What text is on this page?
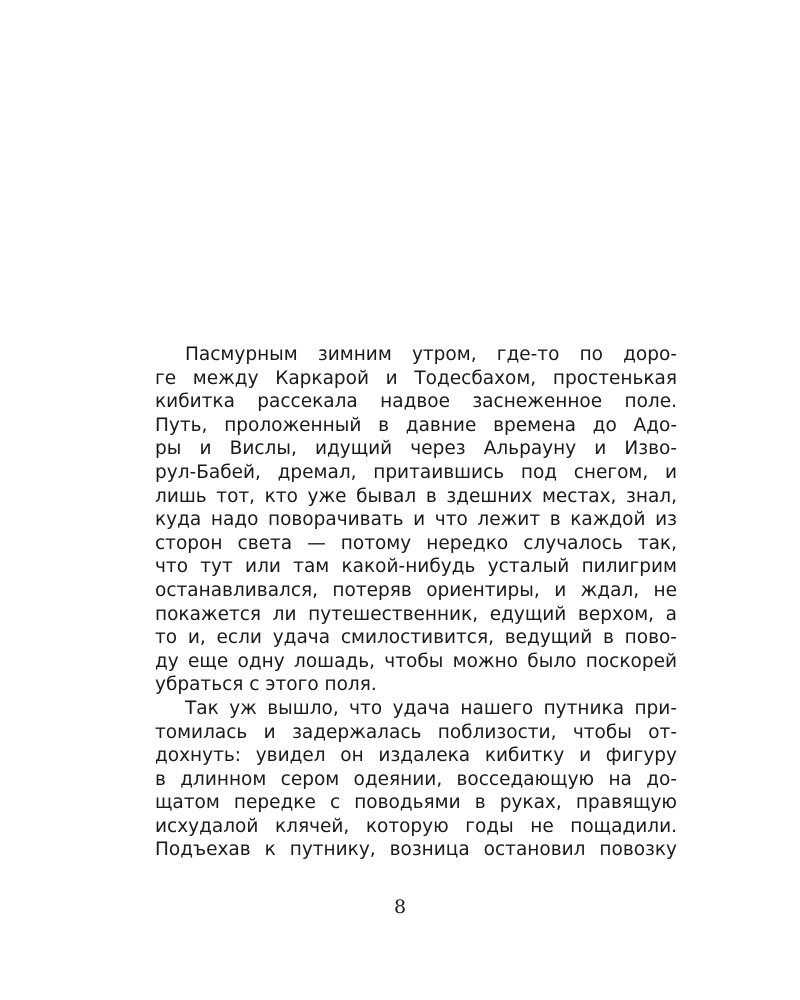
Пасмурным зимним утром, где-то по доро-
ге между Каркарой и Тодесбахом, простенькая
кибитка рассекала надвое заснеженное поле.
Путь, проложенный в давние времена до Адо-
ры и Вислы, идущий через Альрауну и Изво-
рул-Бабей, дремал, притаившись под снегом, и
лишь тот, кто уже бывал в здешних местах, знал,
куда надо поворачивать и что лежит в каждой из
сторон света — потому нередко случалось так,
что тут или там какой-нибудь усталый пилигрим
останавливался, потеряв ориентиры, и ждал, не
покажется ли путешественник, едущий верхом, а
то и, если удача смилостивится, ведущий в пово-
ду еще одну лошадь, чтобы можно было поскорей
убраться с этого поля.
Так уж вышло, что удача нашего путника при-
томилась и задержалась поблизости, чтобы от-
дохнуть: увидел он издалека кибитку и фигуру
в длинном сером одеянии, восседающую на до-
щатом передке с поводьями в руках, правящую
исхудалой клячей, которую годы не пощадили.
Подъехав к путнику, возница остановил повозку
8
